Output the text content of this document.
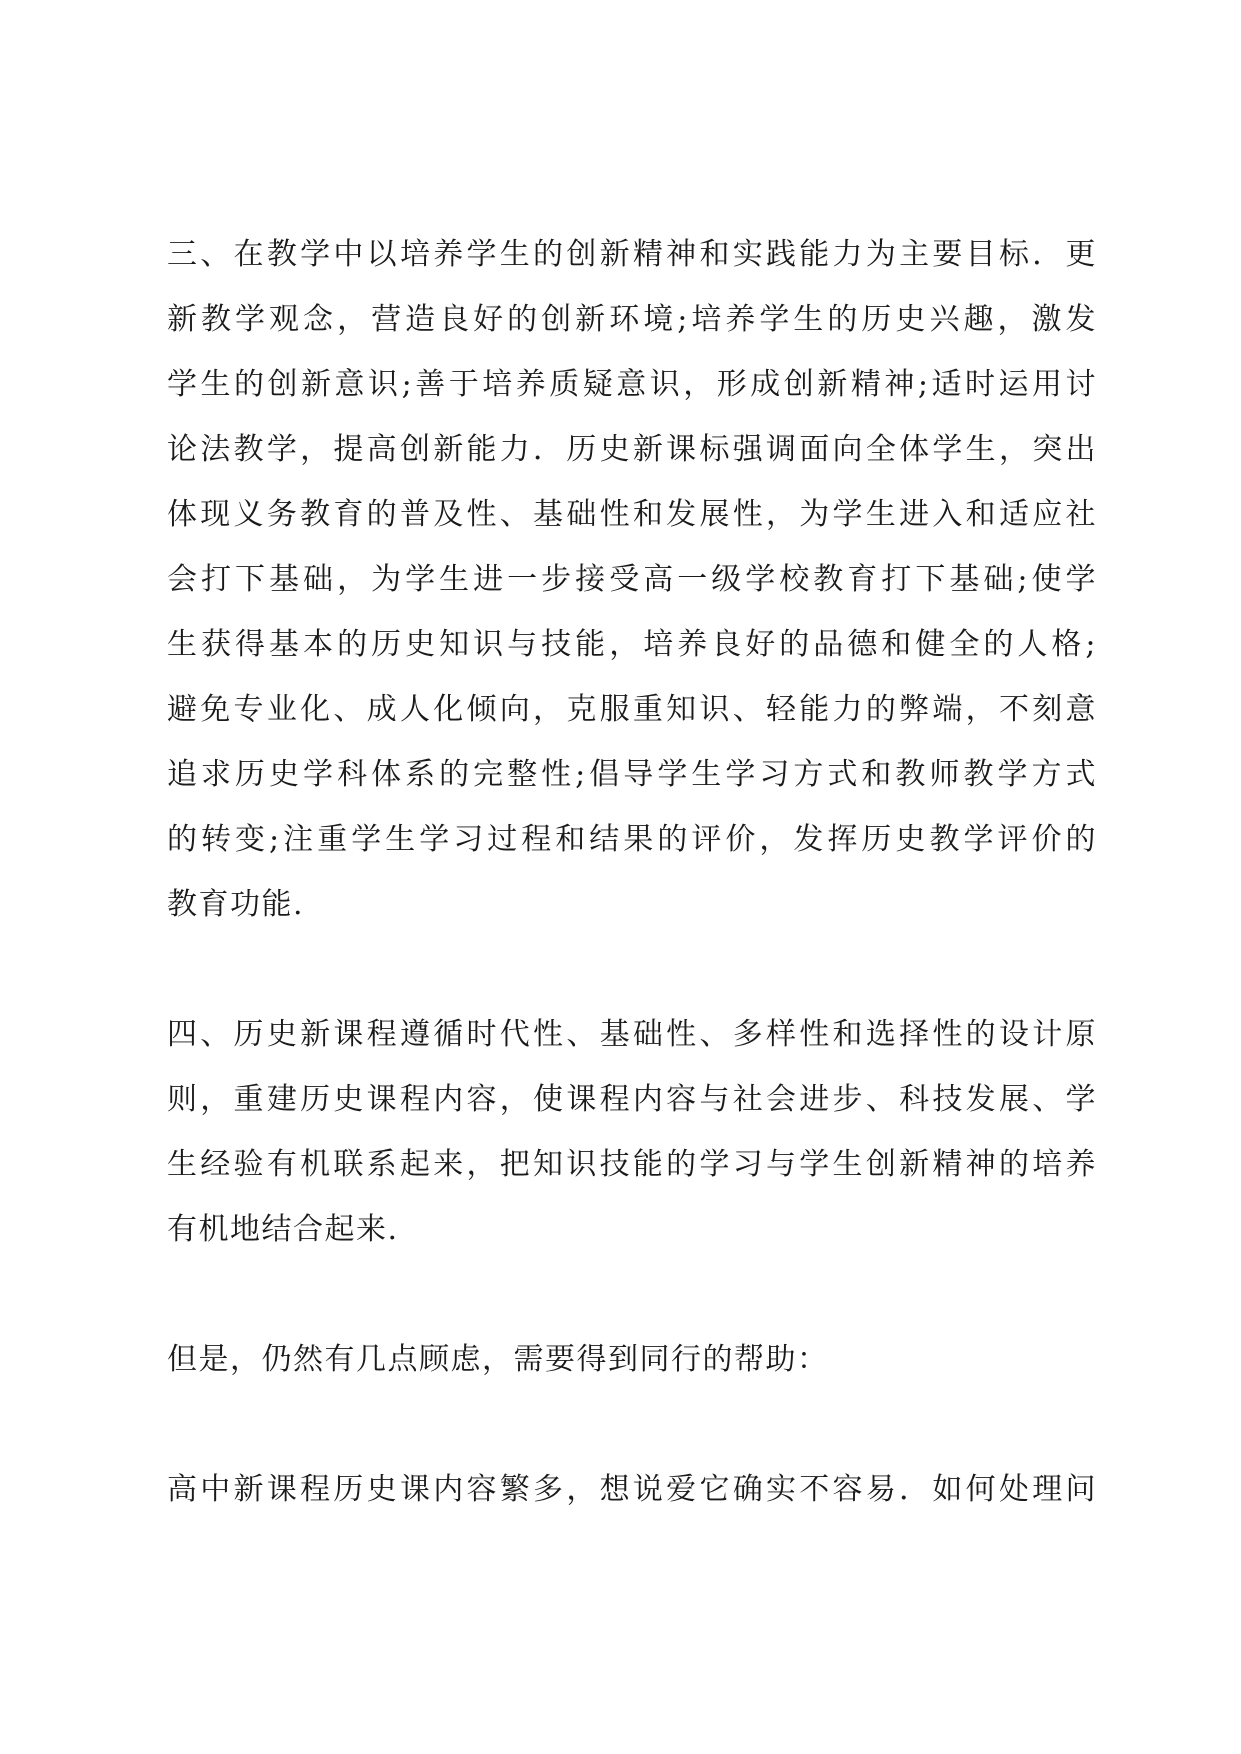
三、在教学中以培养学生的创新精神和实践能力为主要目标．更
新教学观念，营造良好的创新环境;培养学生的历史兴趣，激发
学生的创新意识;善于培养质疑意识，形成创新精神;适时运用讨
论法教学，提高创新能力．历史新课标强调面向全体学生，突出
体现义务教育的普及性、基础性和发展性，为学生进入和适应社
会打下基础，为学生进一步接受高一级学校教育打下基础;使学
生获得基本的历史知识与技能，培养良好的品德和健全的人格;
避免专业化、成人化倾向，克服重知识、轻能力的弊端，不刻意
追求历史学科体系的完整性;倡导学生学习方式和教师教学方式
的转变;注重学生学习过程和结果的评价，发挥历史教学评价的
教育功能.
四、历史新课程遵循时代性、基础性、多样性和选择性的设计原
则，重建历史课程内容，使课程内容与社会进步、科技发展、学
生经验有机联系起来，把知识技能的学习与学生创新精神的培养
有机地结合起来.
但是，仍然有几点顾虑，需要得到同行的帮助：
高中新课程历史课内容繁多，想说爱它确实不容易．如何处理问
